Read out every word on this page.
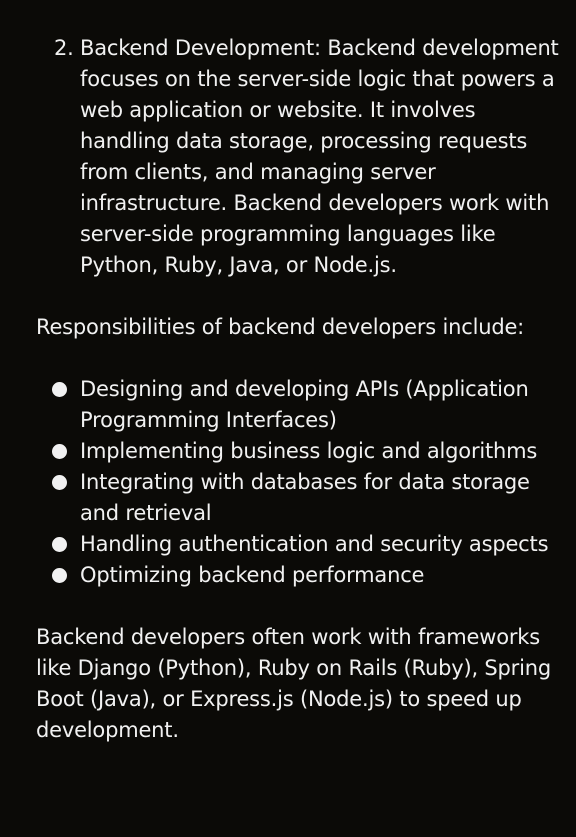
2. Backend Development: Backend development focuses on the server-side logic that powers a web application or website. It involves handling data storage, processing requests from clients, and managing server infrastructure. Backend developers work with server-side programming languages like Python, Ruby, Java, or Node.js.

Responsibilities of backend developers include:

Designing and developing APIs (Application Programming Interfaces)
Implementing business logic and algorithms
Integrating with databases for data storage and retrieval
Handling authentication and security aspects
Optimizing backend performance

Backend developers often work with frameworks like Django (Python), Ruby on Rails (Ruby), Spring Boot (Java), or Express.js (Node.js) to speed up development.
